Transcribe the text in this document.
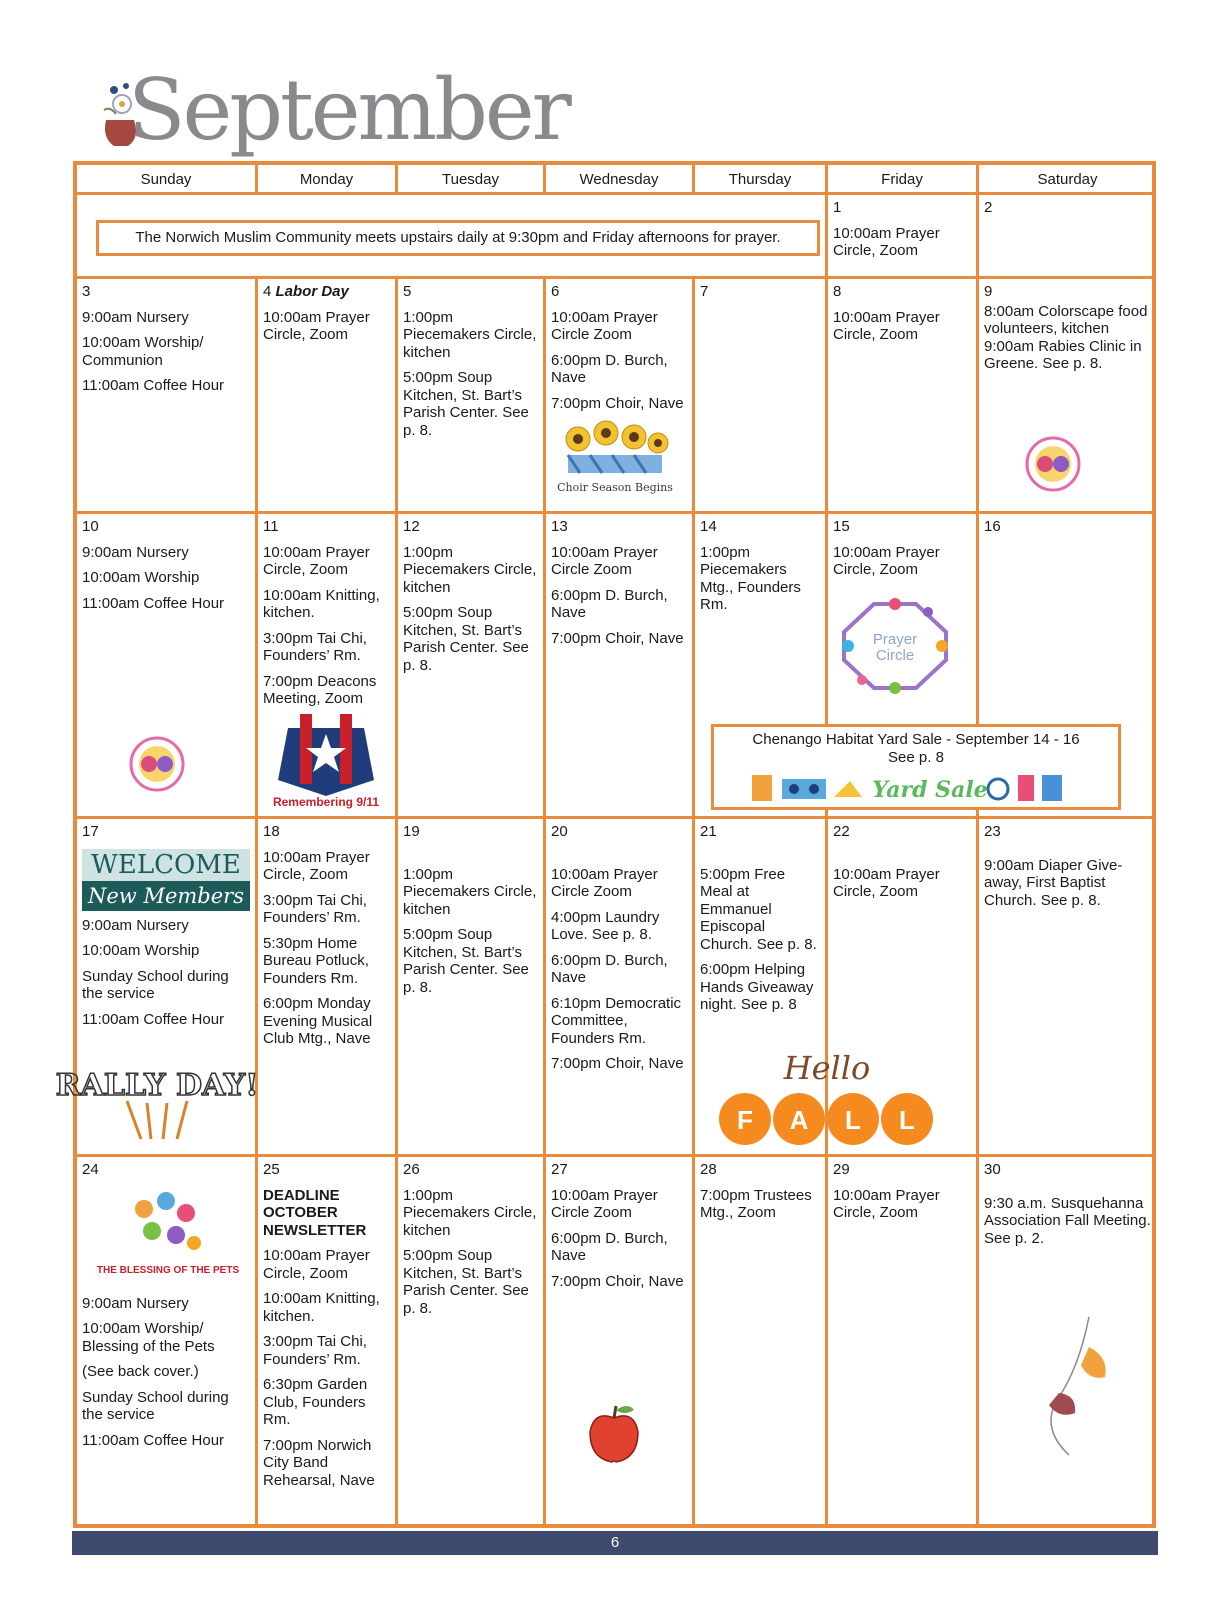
September
Sunday	Monday	Tuesday	Wednesday	Thursday	Friday	Saturday
The Norwich Muslim Community meets upstairs daily at 9:30pm and Friday afternoons for prayer.
1
10:00am Prayer Circle, Zoom
2
3
9:00am Nursery
10:00am Worship/ Communion
11:00am Coffee Hour
4 Labor Day
10:00am Prayer Circle, Zoom
5
1:00pm Piecemakers Circle, kitchen
5:00pm Soup Kitchen, St. Bart’s Parish Center. See p. 8.
6
10:00am Prayer Circle Zoom
6:00pm D. Burch, Nave
7:00pm Choir, Nave
Choir Season Begins
7	8
10:00am Prayer Circle, Zoom
9
8:00am Colorscape food volunteers, kitchen
9:00am Rabies Clinic in Greene. See p. 8.
10
9:00am Nursery
10:00am Worship
11:00am Coffee Hour
11
10:00am Prayer Circle, Zoom
10:00am Knitting, kitchen.
3:00pm Tai Chi, Founders’ Rm.
7:00pm Deacons Meeting, Zoom
Remembering 9/11
12
1:00pm Piecemakers Circle, kitchen
5:00pm Soup Kitchen, St. Bart’s Parish Center. See p. 8.
13
10:00am Prayer Circle Zoom
6:00pm D. Burch, Nave
7:00pm Choir, Nave
14
1:00pm Piecemakers Mtg., Founders Rm.
15
10:00am Prayer Circle, Zoom
Prayer
Circle
16
Chenango Habitat Yard Sale - September 14 - 16
See p. 8
Yard Sale
17
WELCOME
New Members
9:00am Nursery
10:00am Worship
Sunday School during the service
11:00am Coffee Hour
RALLY DAY!
18
10:00am Prayer Circle, Zoom
3:00pm Tai Chi, Founders’ Rm.
5:30pm Home Bureau Potluck, Founders Rm.
6:00pm Monday Evening Musical Club Mtg., Nave
19
1:00pm Piecemakers Circle, kitchen
5:00pm Soup Kitchen, St. Bart’s Parish Center. See p. 8.
20
10:00am Prayer Circle Zoom
4:00pm Laundry Love. See p. 8.
6:00pm D. Burch, Nave
6:10pm Democratic Committee, Founders Rm.
7:00pm Choir, Nave
21
5:00pm Free Meal at Emmanuel Episcopal Church. See p. 8.
6:00pm Helping Hands Giveaway night. See p. 8
22
10:00am Prayer Circle, Zoom
23
9:00am Diaper Give-away, First Baptist Church. See p. 8.
Hello
F A L L
24
THE BLESSING OF THE PETS
9:00am Nursery
10:00am Worship/ Blessing of the Pets
(See back cover.)
Sunday School during the service
11:00am Coffee Hour
25
DEADLINE OCTOBER NEWSLETTER
10:00am Prayer Circle, Zoom
10:00am Knitting, kitchen.
3:00pm Tai Chi, Founders’ Rm.
6:30pm Garden Club, Founders Rm.
7:00pm Norwich City Band Rehearsal, Nave
26
1:00pm Piecemakers Circle, kitchen
5:00pm Soup Kitchen, St. Bart’s Parish Center. See p. 8.
27
10:00am Prayer Circle Zoom
6:00pm D. Burch, Nave
7:00pm Choir, Nave
28
7:00pm Trustees Mtg., Zoom
29
10:00am Prayer Circle, Zoom
30
9:30 a.m. Susquehanna Association Fall Meeting. See p. 2.
6
